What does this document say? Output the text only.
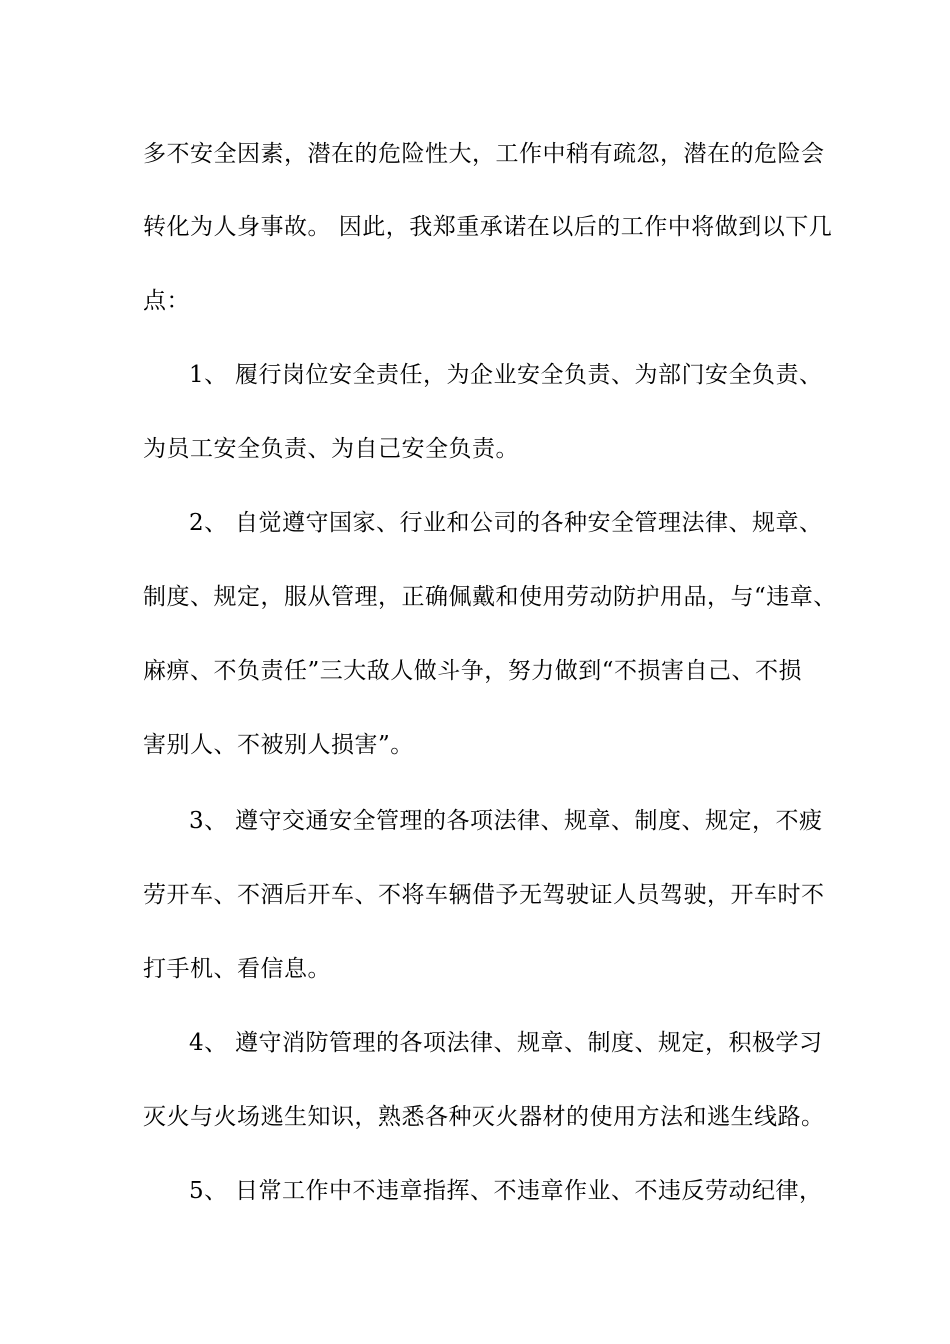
多不安全因素，潜在的危险性大，工作中稍有疏忽，潜在的危险会
转化为人身事故。 因此，我郑重承诺在以后的工作中将做到以下几
点：
1、 履行岗位安全责任，为企业安全负责、为部门安全负责、
为员工安全负责、为自己安全负责。
2、 自觉遵守国家、行业和公司的各种安全管理法律、规章、
制度、规定，服从管理，正确佩戴和使用劳动防护用品，与“违章、
麻痹、不负责任”三大敌人做斗争，努力做到“不损害自己、不损
害别人、不被别人损害”。
3、 遵守交通安全管理的各项法律、规章、制度、规定，不疲
劳开车、不酒后开车、不将车辆借予无驾驶证人员驾驶，开车时不
打手机、看信息。
4、 遵守消防管理的各项法律、规章、制度、规定，积极学习
灭火与火场逃生知识，熟悉各种灭火器材的使用方法和逃生线路。
5、 日常工作中不违章指挥、不违章作业、不违反劳动纪律，
